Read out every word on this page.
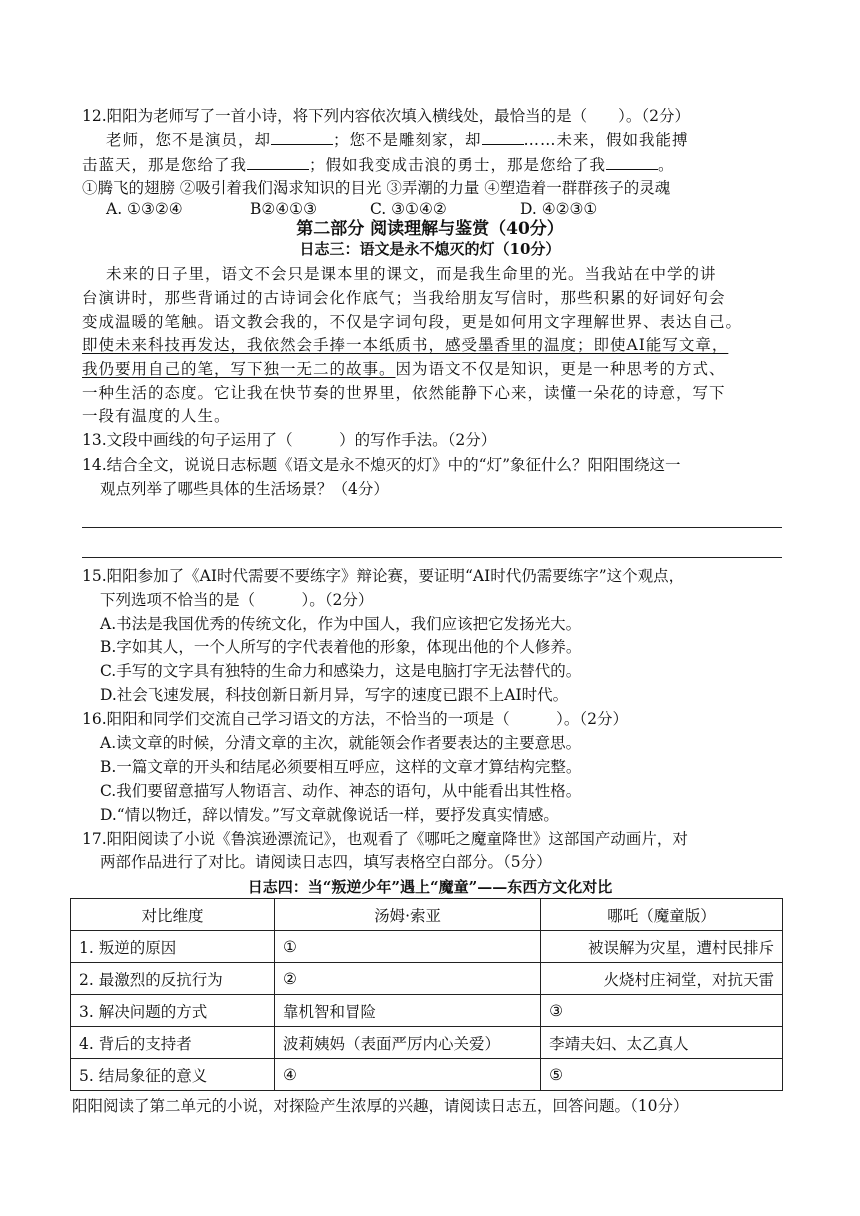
12.阳阳为老师写了一首小诗，将下列内容依次填入横线处，最恰当的是（　　）。（2分）
老师，您不是演员，却	；您不是雕刻家，却	……未来，假如我能搏
击蓝天，那是您给了我	；假如我变成击浪的勇士，那是您给了我	。
①腾飞的翅膀 ②吸引着我们渴求知识的目光 ③弄潮的力量 ④塑造着一群群孩子的灵魂
A. ①③②④	B②④①③	C. ③①④②	D. ④②③①
第二部分 阅读理解与鉴赏（40分）
日志三：语文是永不熄灭的灯（10分）
未来的日子里，语文不会只是课本里的课文，而是我生命里的光。当我站在中学的讲
台演讲时，那些背诵过的古诗词会化作底气；当我给朋友写信时，那些积累的好词好句会
变成温暖的笔触。语文教会我的，不仅是字词句段，更是如何用文字理解世界、表达自己。
即使未来科技再发达，我依然会手捧一本纸质书，感受墨香里的温度；即使AI能写文章，
我仍要用自己的笔，写下独一无二的故事。因为语文不仅是知识，更是一种思考的方式、
一种生活的态度。它让我在快节奏的世界里，依然能静下心来，读懂一朵花的诗意，写下
一段有温度的人生。
13.文段中画线的句子运用了（　　　）的写作手法。（2分）
14.结合全文，说说日志标题《语文是永不熄灭的灯》中的“灯”象征什么？阳阳围绕这一
观点列举了哪些具体的生活场景？（4分）
15.阳阳参加了《AI时代需要不要练字》辩论赛，要证明“AI时代仍需要练字”这个观点，
下列选项不恰当的是（　　　）。（2分）
A.书法是我国优秀的传统文化，作为中国人，我们应该把它发扬光大。
B.字如其人，一个人所写的字代表着他的形象，体现出他的个人修养。
C.手写的文字具有独特的生命力和感染力，这是电脑打字无法替代的。
D.社会飞速发展，科技创新日新月异，写字的速度已跟不上AI时代。
16.阳阳和同学们交流自己学习语文的方法，不恰当的一项是（　　　）。（2分）
A.读文章的时候，分清文章的主次，就能领会作者要表达的主要意思。
B.一篇文章的开头和结尾必须要相互呼应，这样的文章才算结构完整。
C.我们要留意描写人物语言、动作、神态的语句，从中能看出其性格。
D.“情以物迁，辞以情发。”写文章就像说话一样，要抒发真实情感。
17.阳阳阅读了小说《鲁滨逊漂流记》，也观看了《哪吒之魔童降世》这部国产动画片，对
两部作品进行了对比。请阅读日志四，填写表格空白部分。（5分）
日志四：当“叛逆少年”遇上“魔童”——东西方文化对比
对比维度	汤姆·索亚	哪吒（魔童版）
1. 叛逆的原因	①	被误解为灾星，遭村民排斥
2. 最激烈的反抗行为	②	火烧村庄祠堂，对抗天雷
3. 解决问题的方式	靠机智和冒险	③
4. 背后的支持者	波莉姨妈（表面严厉内心关爱）	李靖夫妇、太乙真人
5. 结局象征的意义	④	⑤
阳阳阅读了第二单元的小说，对探险产生浓厚的兴趣，请阅读日志五，回答问题。（10分）
